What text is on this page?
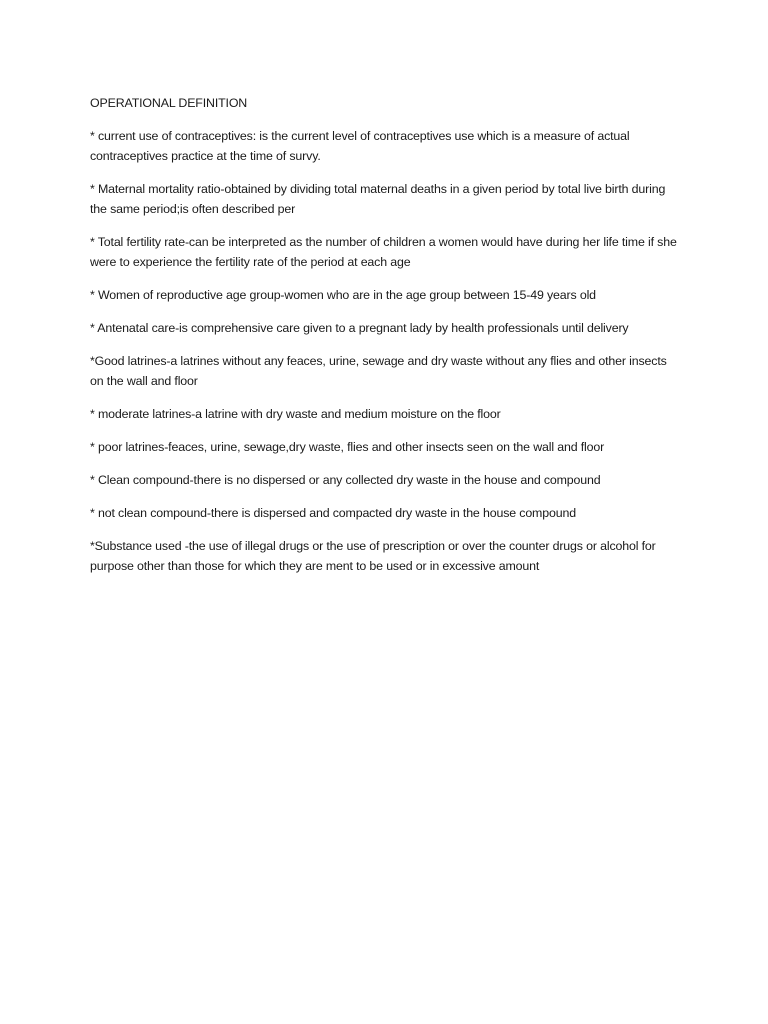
OPERATIONAL DEFINITION

* current use of contraceptives: is the current level of contraceptives use which is a measure of actual contraceptives practice at the time of survy.

* Maternal mortality ratio-obtained by dividing total maternal deaths in a given period by total live birth during the same period;is often described per

* Total fertility rate-can be interpreted as the number of children a women would have during her life time if she were to experience the fertility rate of the period at each age

* Women of reproductive age group-women who are in the age group between 15-49 years old

* Antenatal care-is comprehensive care given to a pregnant lady by health professionals until delivery

*Good latrines-a latrines without any feaces, urine, sewage and dry waste without any flies and other insects on the wall and floor

* moderate latrines-a latrine with dry waste and medium moisture on the floor

* poor latrines-feaces, urine, sewage,dry waste, flies and other insects seen on the wall and floor

* Clean compound-there is no dispersed or any collected dry waste in the house and compound

* not clean compound-there is dispersed and compacted dry waste in the house compound

*Substance used -the use of illegal drugs or the use of prescription or over the counter drugs or alcohol for purpose other than those for which they are ment to be used or in excessive amount
